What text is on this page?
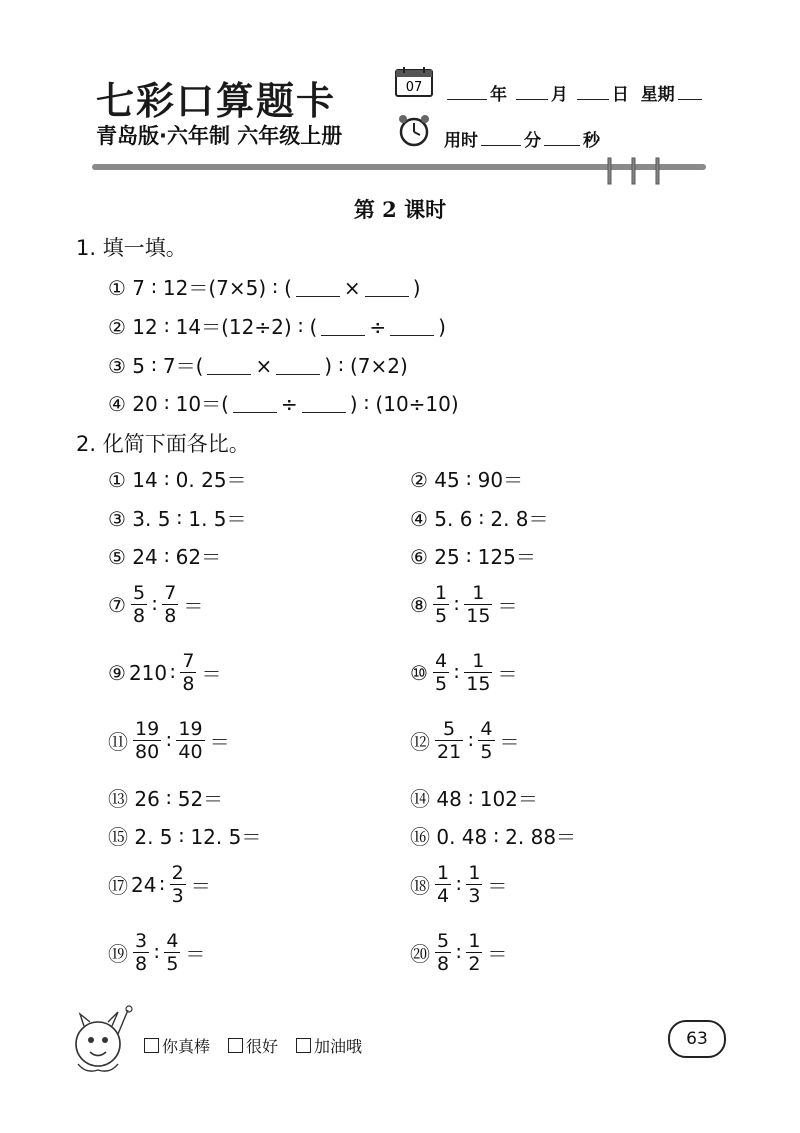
七彩口算题卡
青岛版·六年制 六年级上册
07	年	月	日 星期
用时	分 秒
第 2 课时
1. 填一填。
① 7 ∶ 12＝(7×5) ∶ (	×	)
② 12 ∶ 14＝(12÷2) ∶ (	÷	)
③ 5 ∶ 7＝(	×	) ∶ (7×2)
④ 20 ∶ 10＝(	÷	) ∶ (10÷10)
2. 化简下面各比。
① 14 ∶ 0. 25＝	② 45 ∶ 90＝
③ 3. 5 ∶ 1. 5＝	④ 5. 6 ∶ 2. 8＝
⑤ 24 ∶ 62＝	⑥ 25 ∶ 125＝
⑦ $\frac{5}{8}$ ∶ $\frac{7}{8}$ ＝	⑧ $\frac{1}{5}$ ∶ $\frac{1}{15}$ ＝
⑨ 210 ∶ $\frac{7}{8}$ ＝	⑩ $\frac{4}{5}$ ∶ $\frac{1}{15}$ ＝
⑪ $\frac{19}{80}$ ∶ $\frac{19}{40}$ ＝	⑫ $\frac{5}{21}$ ∶ $\frac{4}{5}$ ＝
⑬ 26 ∶ 52＝	⑭ 48 ∶ 102＝
⑮ 2. 5 ∶ 12. 5＝	⑯ 0. 48 ∶ 2. 88＝
⑰ 24 ∶ $\frac{2}{3}$ ＝	⑱ $\frac{1}{4}$ ∶ $\frac{1}{3}$ ＝
⑲ $\frac{3}{8}$ ∶ $\frac{4}{5}$ ＝	⑳ $\frac{5}{8}$ ∶ $\frac{1}{2}$ ＝
你真棒	很好	加油哦	63
